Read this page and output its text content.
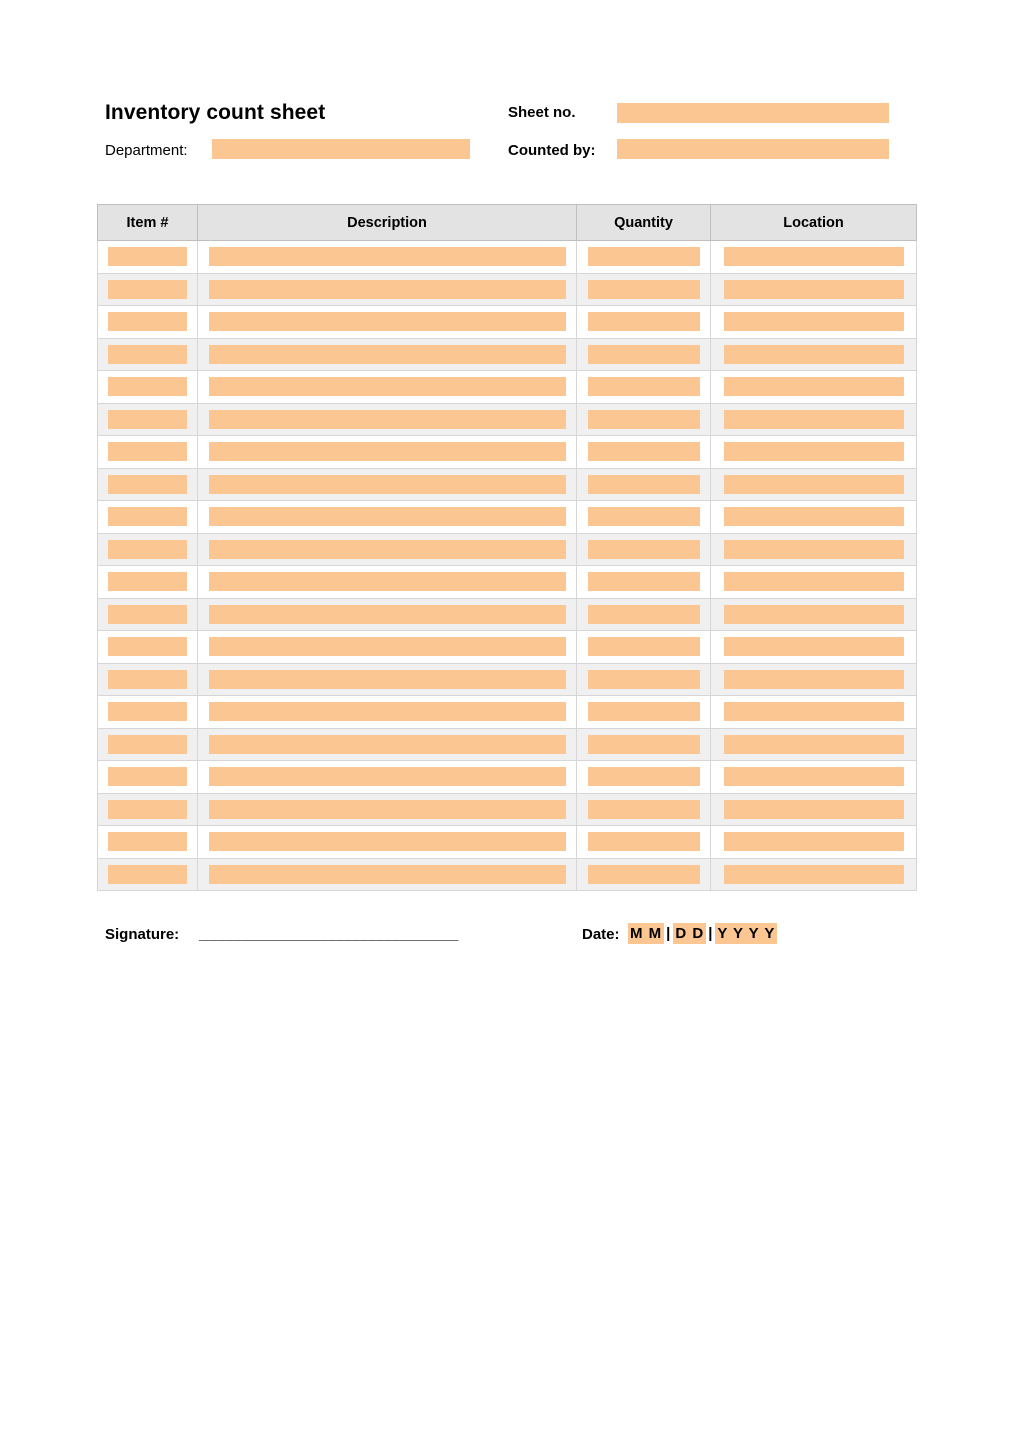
Inventory count sheet
Department:
Sheet no.
Counted by:
Item #	Description	Quantity	Location

Signature: _________________________________	Date: M M | D D | Y Y Y Y
